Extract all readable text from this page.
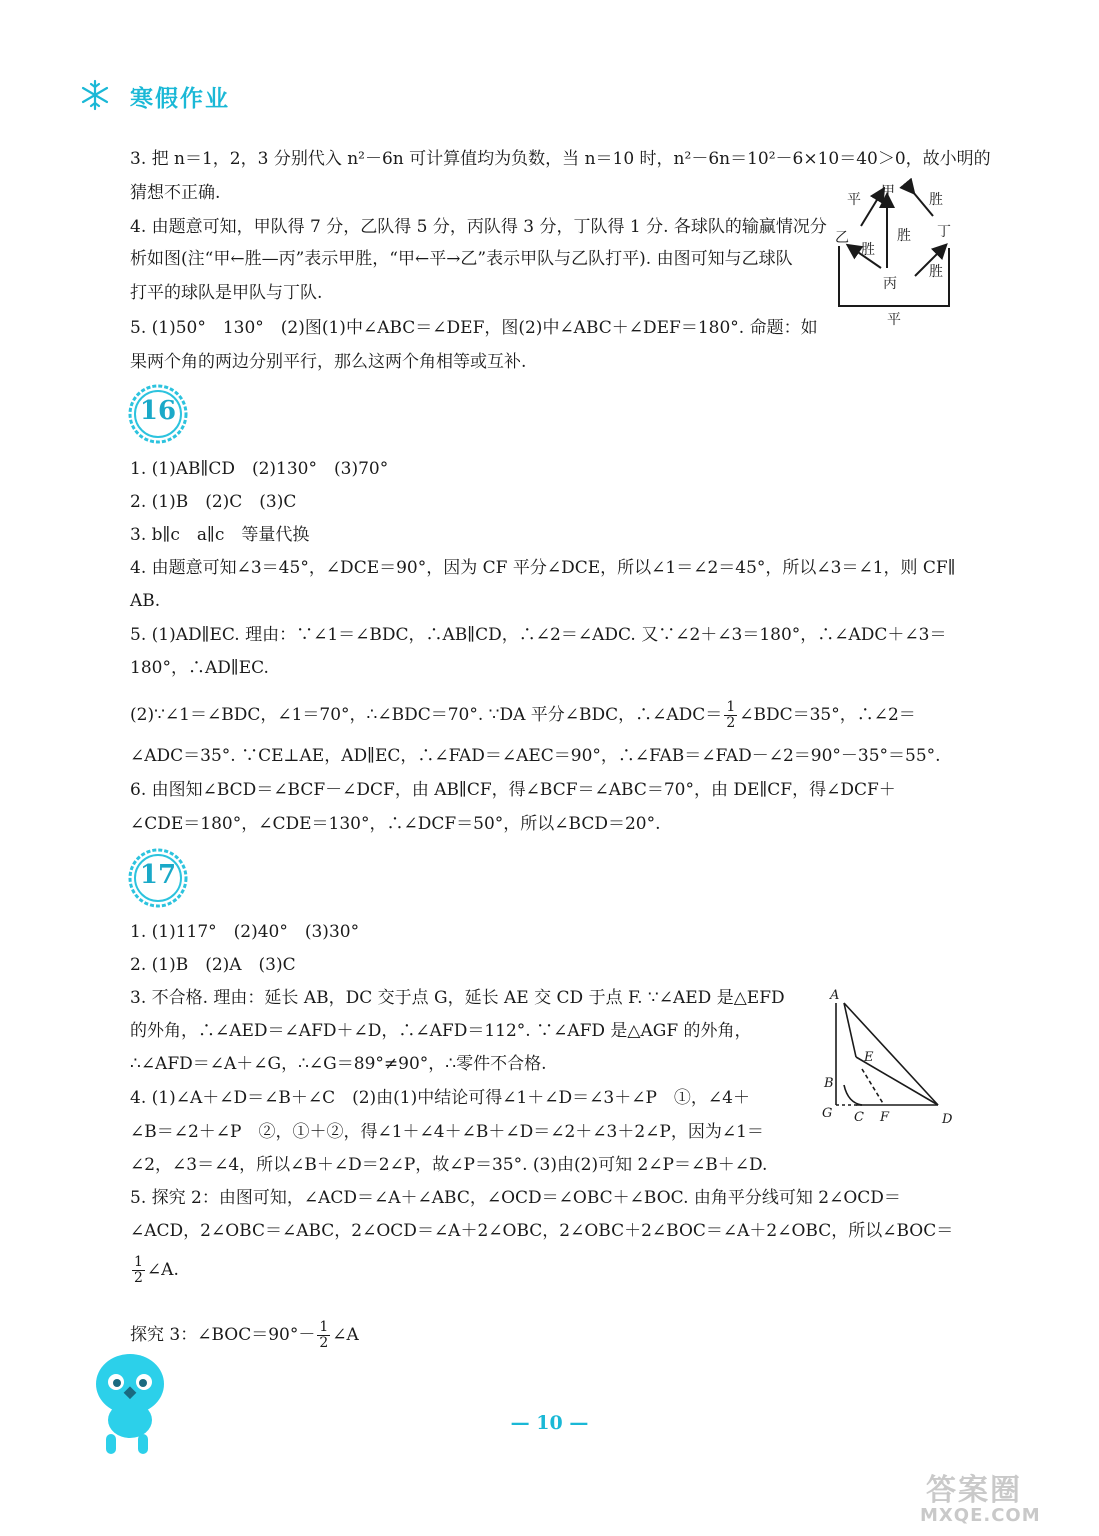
寒假作业
3. 把 n＝1，2，3 分别代入 n²－6n 可计算值均为负数，当 n＝10 时，n²－6n＝10²－6×10＝40＞0，故小明的
猜想不正确.
4. 由题意可知，甲队得 7 分，乙队得 5 分，丙队得 3 分，丁队得 1 分. 各球队的输赢情况分
析如图(注“甲←胜—丙”表示甲胜，“甲←平→乙”表示甲队与乙队打平). 由图可知与乙球队
打平的球队是甲队与丁队.
5. (1)50°　130°　(2)图(1)中∠ABC＝∠DEF，图(2)中∠ABC＋∠DEF＝180°. 命题：如
果两个角的两边分别平行，那么这两个角相等或互补.
甲
乙
丙
丁
平	胜
胜
胜
胜
平
16
1. (1)AB∥CD　(2)130°　(3)70°
2. (1)B　(2)C　(3)C
3. b∥c　a∥c　等量代换
4. 由题意可知∠3＝45°，∠DCE＝90°，因为 CF 平分∠DCE，所以∠1＝∠2＝45°，所以∠3＝∠1，则 CF∥
AB.
5. (1)AD∥EC. 理由：∵∠1＝∠BDC，∴AB∥CD，∴∠2＝∠ADC. 又∵∠2＋∠3＝180°，∴∠ADC＋∠3＝
180°，∴AD∥EC.
(2)∵∠1＝∠BDC，∠1＝70°，∴∠BDC＝70°. ∵DA 平分∠BDC，∴∠ADC＝ $\frac{1}{2}$ ∠BDC＝35°，∴∠2＝
∠ADC＝35°. ∵CE⊥AE，AD∥EC，∴∠FAD＝∠AEC＝90°，∴∠FAB＝∠FAD－∠2＝90°－35°＝55°.
6. 由图知∠BCD＝∠BCF－∠DCF，由 AB∥CF，得∠BCF＝∠ABC＝70°，由 DE∥CF，得∠DCF＋
∠CDE＝180°，∠CDE＝130°，∴∠DCF＝50°，所以∠BCD＝20°.
17
1. (1)117°　(2)40°　(3)30°
2. (1)B　(2)A　(3)C
3. 不合格. 理由：延长 AB，DC 交于点 G，延长 AE 交 CD 于点 F. ∵∠AED 是△EFD
的外角，∴∠AED＝∠AFD＋∠D，∴∠AFD＝112°. ∵∠AFD 是△AGF 的外角，
∴∠AFD＝∠A＋∠G，∴∠G＝89°≠90°，∴零件不合格.
4. (1)∠A＋∠D＝∠B＋∠C　(2)由(1)中结论可得∠1＋∠D＝∠3＋∠P　①，∠4＋
∠B＝∠2＋∠P　②，①＋②，得∠1＋∠4＋∠B＋∠D＝∠2＋∠3＋2∠P，因为∠1＝
∠2，∠3＝∠4，所以∠B＋∠D＝2∠P，故∠P＝35°. (3)由(2)可知 2∠P＝∠B＋∠D.
5. 探究 2：由图可知，∠ACD＝∠A＋∠ABC，∠OCD＝∠OBC＋∠BOC. 由角平分线可知 2∠OCD＝
∠ACD，2∠OBC＝∠ABC，2∠OCD＝∠A＋2∠OBC，2∠OBC＋2∠BOC＝∠A＋2∠OBC，所以∠BOC＝
$\frac{1}{2}$ ∠A.
探究 3：∠BOC＝90°－ $\frac{1}{2}$ ∠A
A
B
C	D
E
F
G
— 10 —
答案圈
MXQE.COM
